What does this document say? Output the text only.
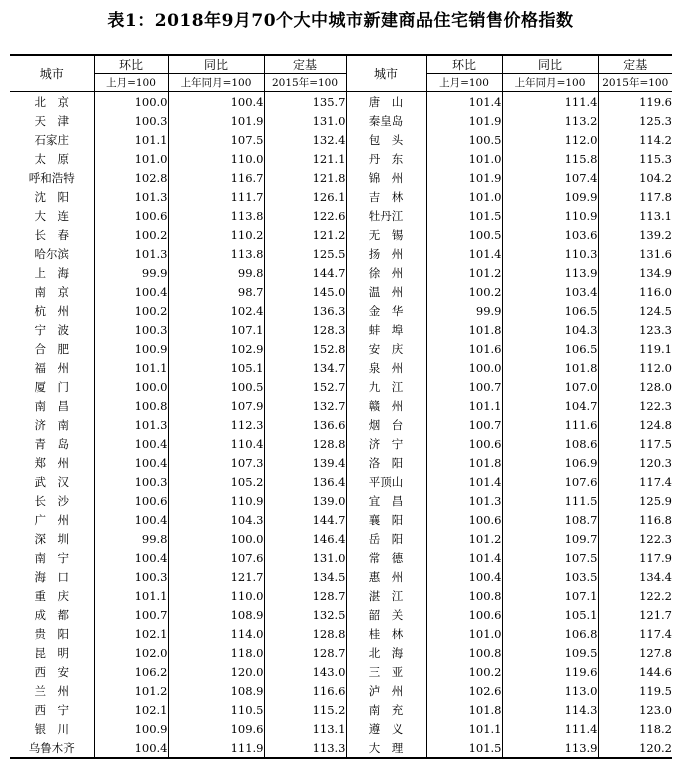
表1：2018年9月70个大中城市新建商品住宅销售价格指数
城市	环比	同比	定基	城市	环比	同比	定基
	上月=100	上年同月=100	2015年=100		上月=100	上年同月=100	2015年=100
北　京	100.0	100.4	135.7	唐　山	101.4	111.4	119.6
天　津	100.3	101.9	131.0	秦皇岛	101.9	113.2	125.3
石家庄	101.1	107.5	132.4	包　头	100.5	112.0	114.2
太　原	101.0	110.0	121.1	丹　东	101.0	115.8	115.3
呼和浩特	102.8	116.7	121.8	锦　州	101.9	107.4	104.2
沈　阳	101.3	111.7	126.1	吉　林	101.0	109.9	117.8
大　连	100.6	113.8	122.6	牡丹江	101.5	110.9	113.1
长　春	100.2	110.2	121.2	无　锡	100.5	103.6	139.2
哈尔滨	101.3	113.8	125.5	扬　州	101.4	110.3	131.6
上　海	99.9	99.8	144.7	徐　州	101.2	113.9	134.9
南　京	100.4	98.7	145.0	温　州	100.2	103.4	116.0
杭　州	100.2	102.4	136.3	金　华	99.9	106.5	124.5
宁　波	100.3	107.1	128.3	蚌　埠	101.8	104.3	123.3
合　肥	100.9	102.9	152.8	安　庆	101.6	106.5	119.1
福　州	101.1	105.1	134.7	泉　州	100.0	101.8	112.0
厦　门	100.0	100.5	152.7	九　江	100.7	107.0	128.0
南　昌	100.8	107.9	132.7	赣　州	101.1	104.7	122.3
济　南	101.3	112.3	136.6	烟　台	100.7	111.6	124.8
青　岛	100.4	110.4	128.8	济　宁	100.6	108.6	117.5
郑　州	100.4	107.3	139.4	洛　阳	101.8	106.9	120.3
武　汉	100.3	105.2	136.4	平顶山	101.4	107.6	117.4
长　沙	100.6	110.9	139.0	宜　昌	101.3	111.5	125.9
广　州	100.4	104.3	144.7	襄　阳	100.6	108.7	116.8
深　圳	99.8	100.0	146.4	岳　阳	101.2	109.7	122.3
南　宁	100.4	107.6	131.0	常　德	101.4	107.5	117.9
海　口	100.3	121.7	134.5	惠　州	100.4	103.5	134.4
重　庆	101.1	110.0	128.7	湛　江	100.8	107.1	122.2
成　都	100.7	108.9	132.5	韶　关	100.6	105.1	121.7
贵　阳	102.1	114.0	128.8	桂　林	101.0	106.8	117.4
昆　明	102.0	118.0	128.7	北　海	100.8	109.5	127.8
西　安	106.2	120.0	143.0	三　亚	100.2	119.6	144.6
兰　州	101.2	108.9	116.6	泸　州	102.6	113.0	119.5
西　宁	102.1	110.5	115.2	南　充	101.8	114.3	123.0
银　川	100.9	109.6	113.1	遵　义	101.1	111.4	118.2
乌鲁木齐	100.4	111.9	113.3	大　理	101.5	113.9	120.2
